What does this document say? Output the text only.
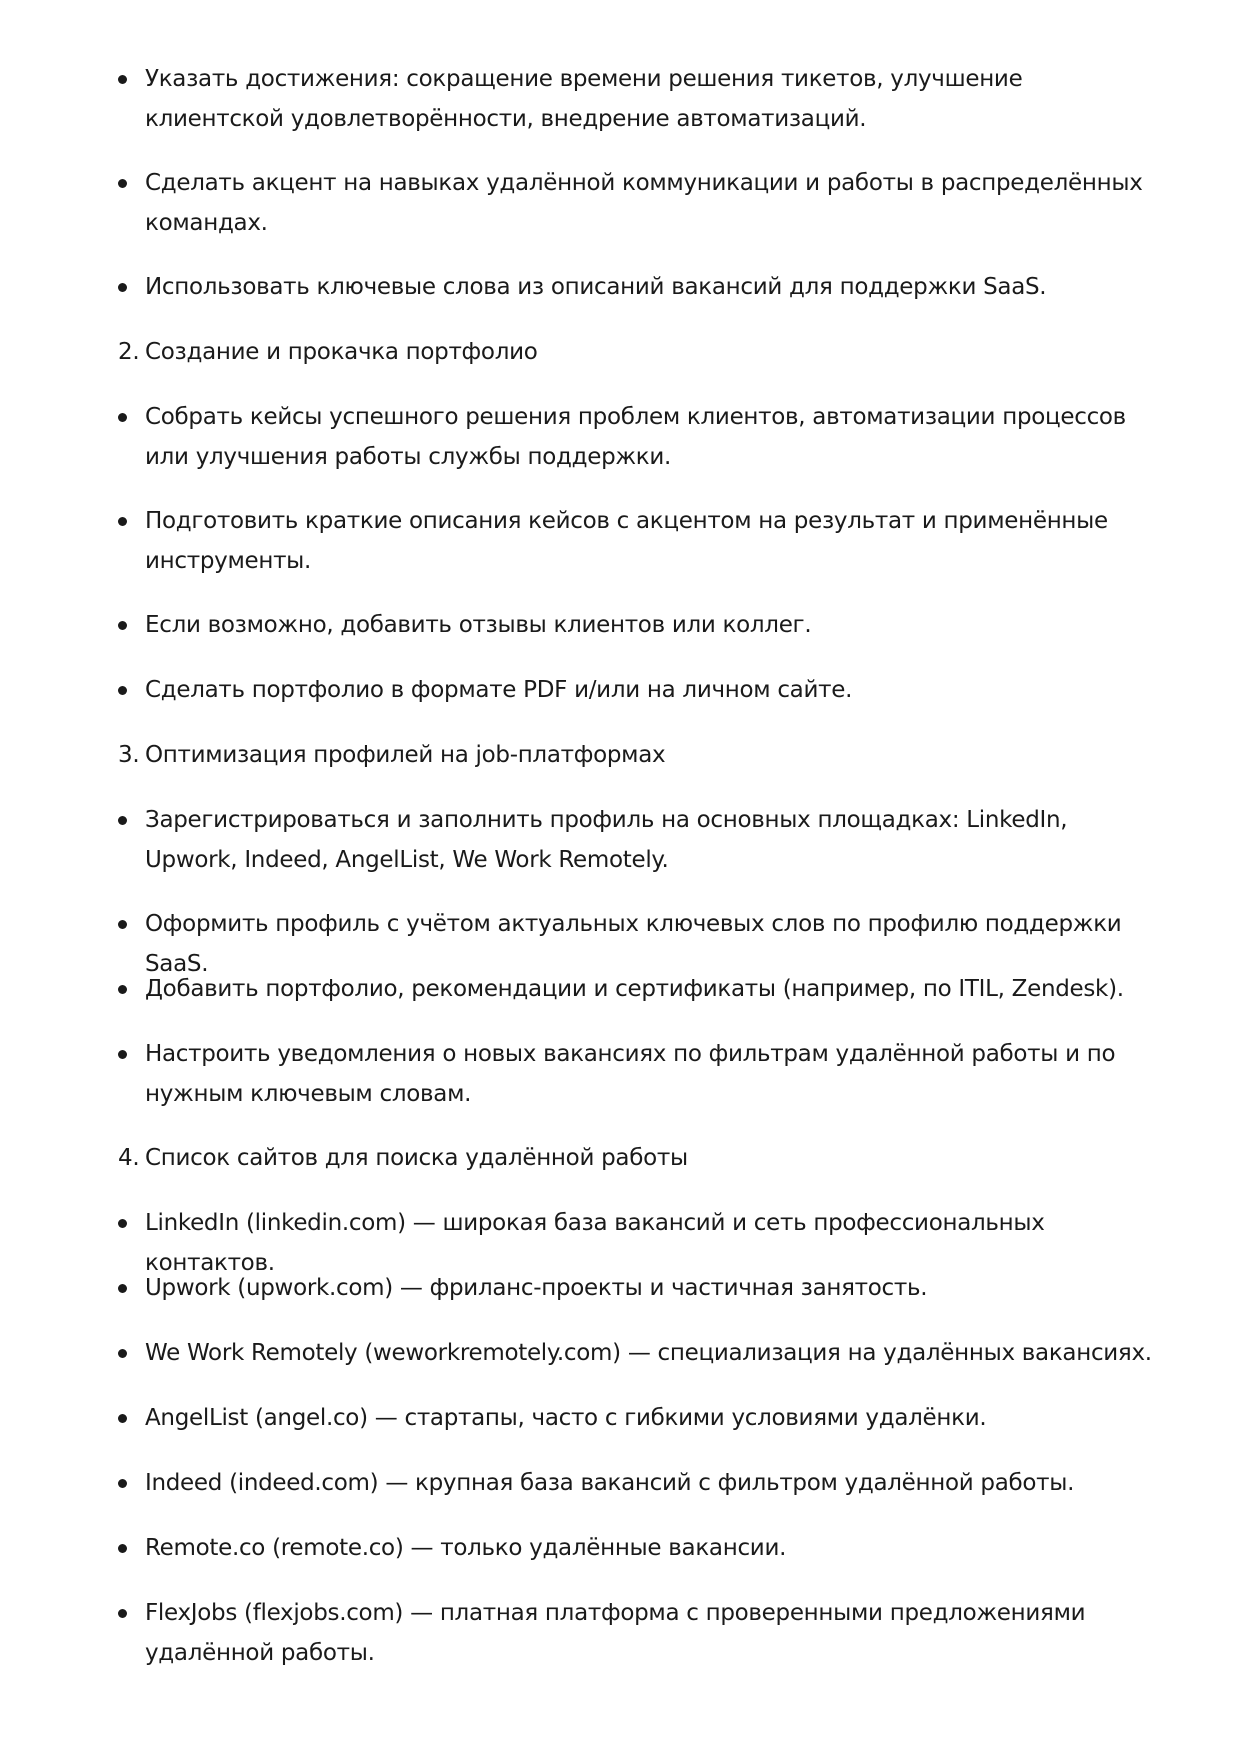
Указать достижения: сокращение времени решения тикетов, улучшение клиентской удовлетворённости, внедрение автоматизаций.
Сделать акцент на навыках удалённой коммуникации и работы в распределённых командах.
Использовать ключевые слова из описаний вакансий для поддержки SaaS.
2. Создание и прокачка портфолио
Собрать кейсы успешного решения проблем клиентов, автоматизации процессов или улучшения работы службы поддержки.
Подготовить краткие описания кейсов с акцентом на результат и применённые инструменты.
Если возможно, добавить отзывы клиентов или коллег.
Сделать портфолио в формате PDF и/или на личном сайте.
3. Оптимизация профилей на job-платформах
Зарегистрироваться и заполнить профиль на основных площадках: LinkedIn, Upwork, Indeed, AngelList, We Work Remotely.
Оформить профиль с учётом актуальных ключевых слов по профилю поддержки SaaS.
Добавить портфолио, рекомендации и сертификаты (например, по ITIL, Zendesk).
Настроить уведомления о новых вакансиях по фильтрам удалённой работы и по нужным ключевым словам.
4. Список сайтов для поиска удалённой работы
LinkedIn (linkedin.com) — широкая база вакансий и сеть профессиональных контактов.
Upwork (upwork.com) — фриланс-проекты и частичная занятость.
We Work Remotely (weworkremotely.com) — специализация на удалённых вакансиях.
AngelList (angel.co) — стартапы, часто с гибкими условиями удалёнки.
Indeed (indeed.com) — крупная база вакансий с фильтром удалённой работы.
Remote.co (remote.co) — только удалённые вакансии.
FlexJobs (flexjobs.com) — платная платформа с проверенными предложениями удалённой работы.
